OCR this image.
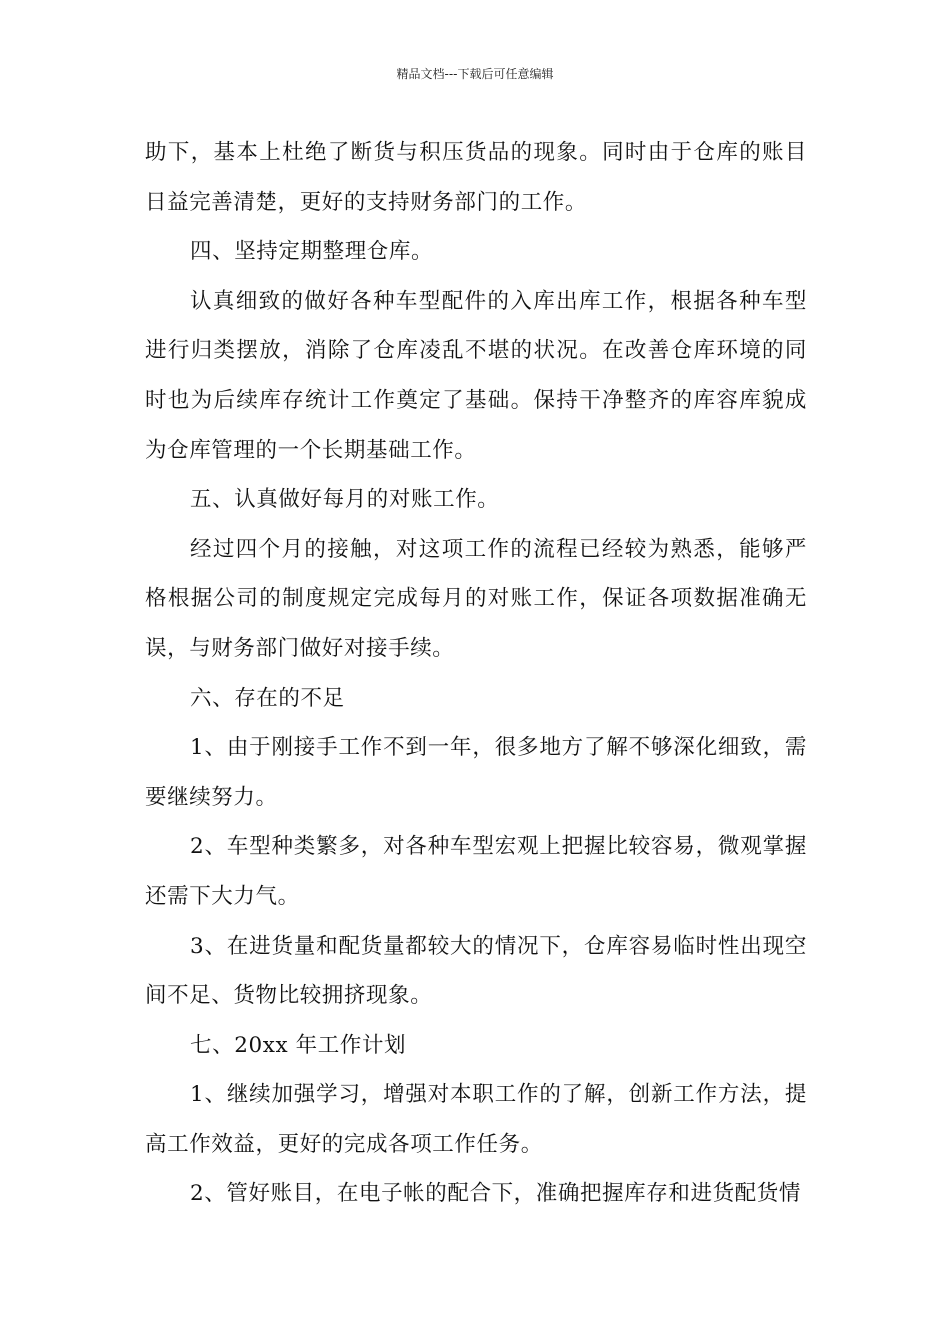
精品文档---下载后可任意编辑

助下，基本上杜绝了断货与积压货品的现象。同时由于仓库的账目日益完善清楚，更好的支持财务部门的工作。

四、坚持定期整理仓库。

认真细致的做好各种车型配件的入库出库工作，根据各种车型进行归类摆放，消除了仓库凌乱不堪的状况。在改善仓库环境的同时也为后续库存统计工作奠定了基础。保持干净整齐的库容库貌成为仓库管理的一个长期基础工作。

五、认真做好每月的对账工作。

经过四个月的接触，对这项工作的流程已经较为熟悉，能够严格根据公司的制度规定完成每月的对账工作，保证各项数据准确无误，与财务部门做好对接手续。

六、存在的不足

1、由于刚接手工作不到一年，很多地方了解不够深化细致，需要继续努力。

2、车型种类繁多，对各种车型宏观上把握比较容易，微观掌握还需下大力气。

3、在进货量和配货量都较大的情况下，仓库容易临时性出现空间不足、货物比较拥挤现象。

七、20xx 年工作计划

1、继续加强学习，增强对本职工作的了解，创新工作方法，提高工作效益，更好的完成各项工作任务。

2、管好账目，在电子帐的配合下，准确把握库存和进货配货情
